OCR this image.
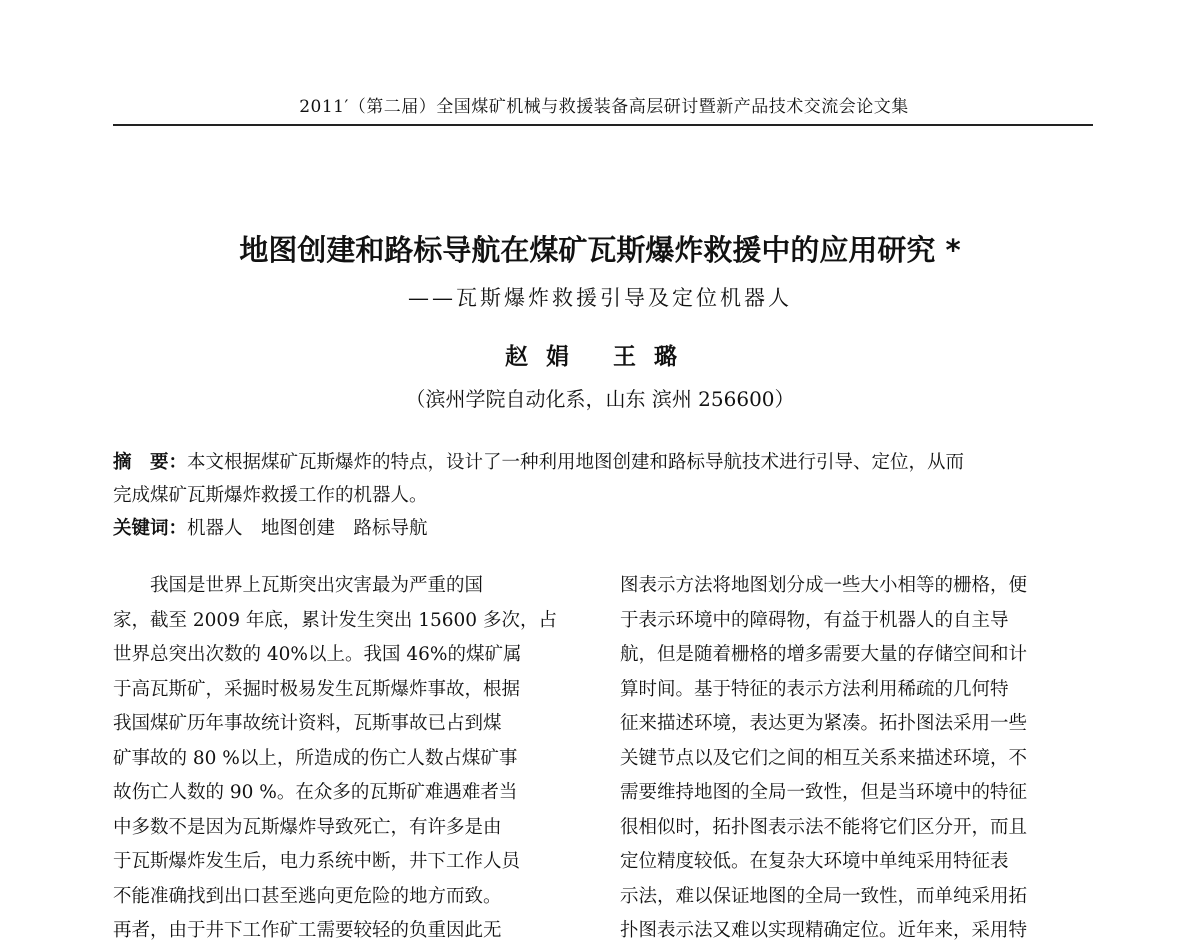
2011′（第二届）全国煤矿机械与救援装备高层研讨暨新产品技术交流会论文集
地图创建和路标导航在煤矿瓦斯爆炸救援中的应用研究 *
——瓦斯爆炸救援引导及定位机器人
赵娟 王璐
（滨州学院自动化系，山东 滨州 256600）
摘　要：本文根据煤矿瓦斯爆炸的特点，设计了一种利用地图创建和路标导航技术进行引导、定位，从而
完成煤矿瓦斯爆炸救援工作的机器人。
关键词：机器人　地图创建　路标导航
我国是世界上瓦斯突出灾害最为严重的国
家，截至 2009 年底，累计发生突出 15600 多次，占
世界总突出次数的 40%以上。我国 46%的煤矿属
于高瓦斯矿，采掘时极易发生瓦斯爆炸事故，根据
我国煤矿历年事故统计资料，瓦斯事故已占到煤
矿事故的 80 %以上，所造成的伤亡人数占煤矿事
故伤亡人数的 90 %。在众多的瓦斯矿难遇难者当
中多数不是因为瓦斯爆炸导致死亡，有许多是由
于瓦斯爆炸发生后，电力系统中断，井下工作人员
不能准确找到出口甚至逃向更危险的地方而致。
再者，由于井下工作矿工需要较轻的负重因此无
图表示方法将地图划分成一些大小相等的栅格，便
于表示环境中的障碍物，有益于机器人的自主导
航，但是随着栅格的增多需要大量的存储空间和计
算时间。基于特征的表示方法利用稀疏的几何特
征来描述环境，表达更为紧凑。拓扑图法采用一些
关键节点以及它们之间的相互关系来描述环境，不
需要维持地图的全局一致性，但是当环境中的特征
很相似时，拓扑图表示法不能将它们区分开，而且
定位精度较低。在复杂大环境中单纯采用特征表
示法，难以保证地图的全局一致性，而单纯采用拓
扑图表示法又难以实现精确定位。近年来，采用特
